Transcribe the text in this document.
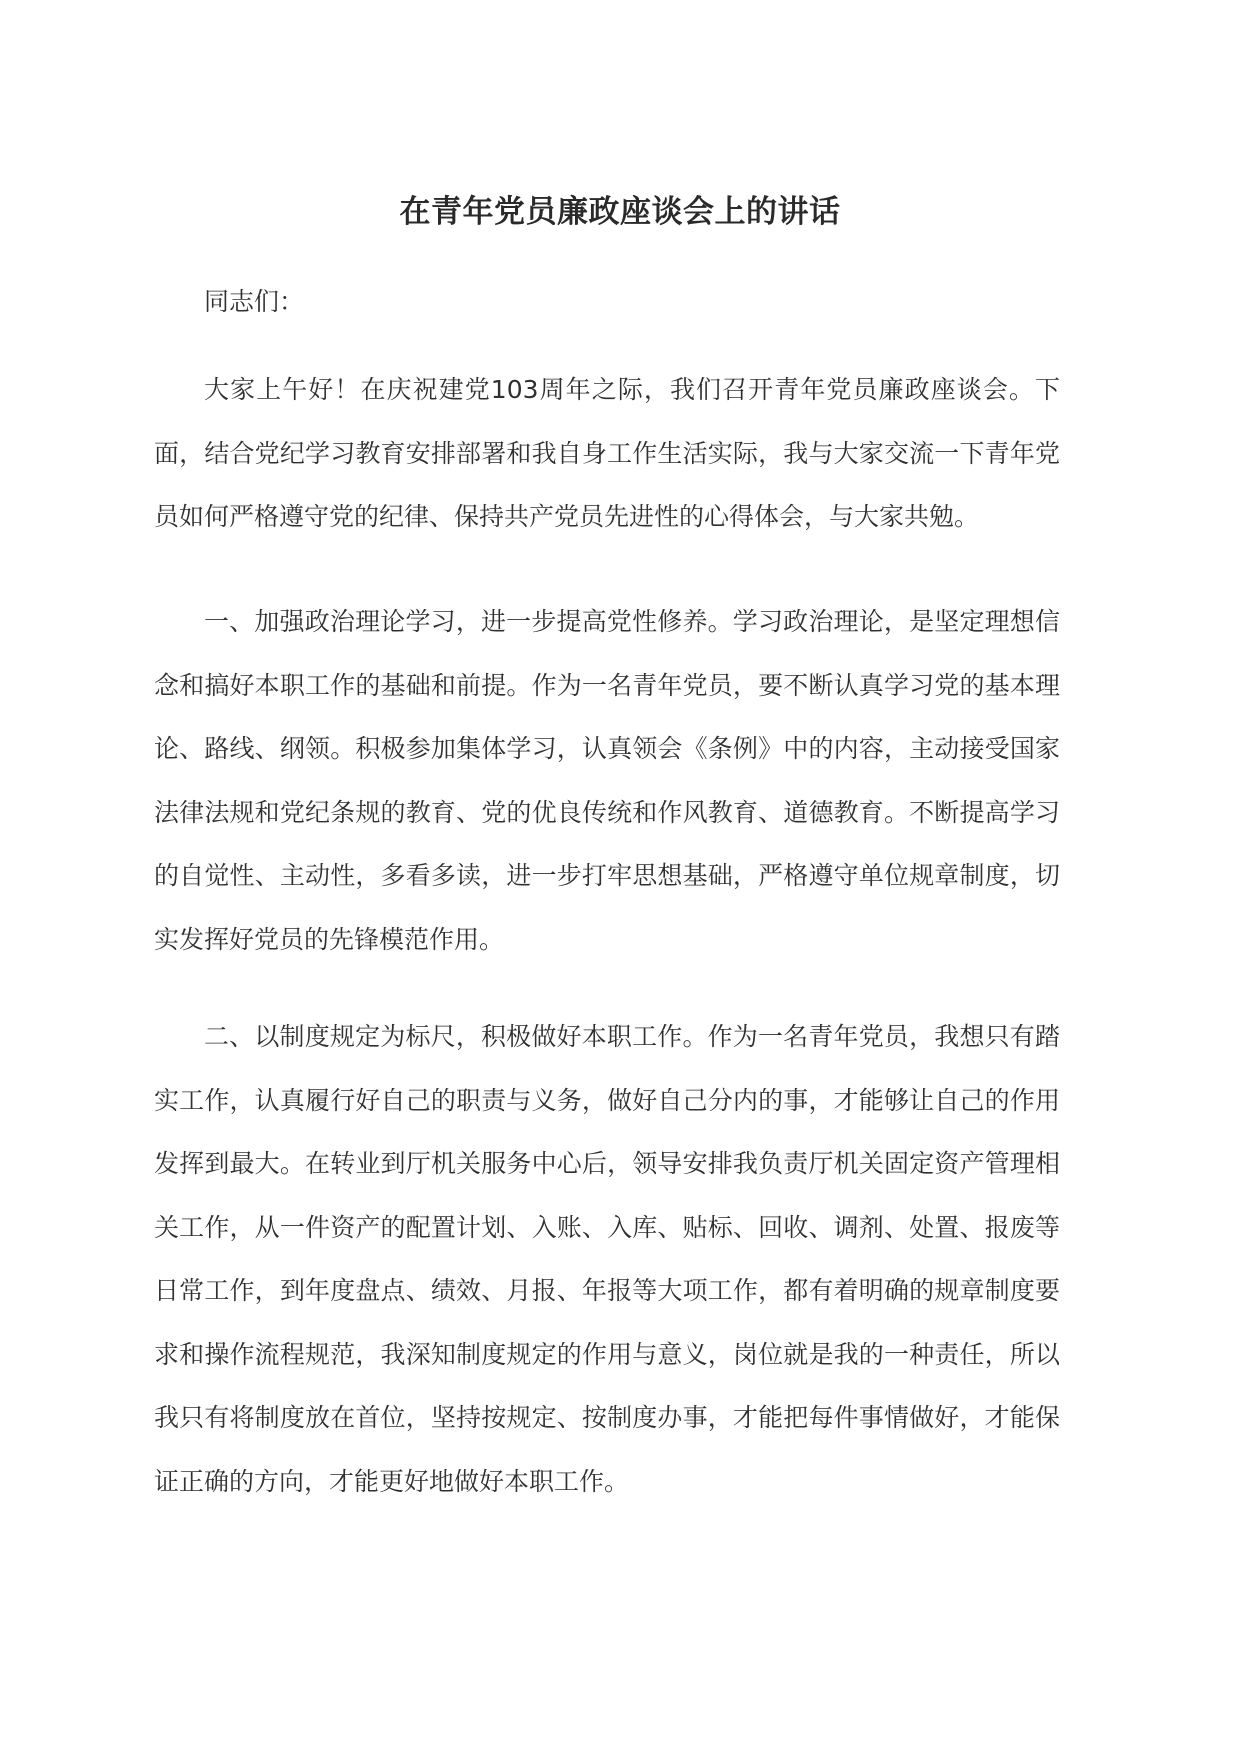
在青年党员廉政座谈会上的讲话
同志们：

大家上午好！在庆祝建党103周年之际，我们召开青年党员廉政座谈会。下面，结合党纪学习教育安排部署和我自身工作生活实际，我与大家交流一下青年党员如何严格遵守党的纪律、保持共产党员先进性的心得体会，与大家共勉。

一、加强政治理论学习，进一步提高党性修养。学习政治理论，是坚定理想信念和搞好本职工作的基础和前提。作为一名青年党员，要不断认真学习党的基本理论、路线、纲领。积极参加集体学习，认真领会《条例》中的内容，主动接受国家法律法规和党纪条规的教育、党的优良传统和作风教育、道德教育。不断提高学习的自觉性、主动性，多看多读，进一步打牢思想基础，严格遵守单位规章制度，切实发挥好党员的先锋模范作用。

二、以制度规定为标尺，积极做好本职工作。作为一名青年党员，我想只有踏实工作，认真履行好自己的职责与义务，做好自己分内的事，才能够让自己的作用发挥到最大。在转业到厅机关服务中心后，领导安排我负责厅机关固定资产管理相关工作，从一件资产的配置计划、入账、入库、贴标、回收、调剂、处置、报废等日常工作，到年度盘点、绩效、月报、年报等大项工作，都有着明确的规章制度要求和操作流程规范，我深知制度规定的作用与意义，岗位就是我的一种责任，所以我只有将制度放在首位，坚持按规定、按制度办事，才能把每件事情做好，才能保证正确的方向，才能更好地做好本职工作。
